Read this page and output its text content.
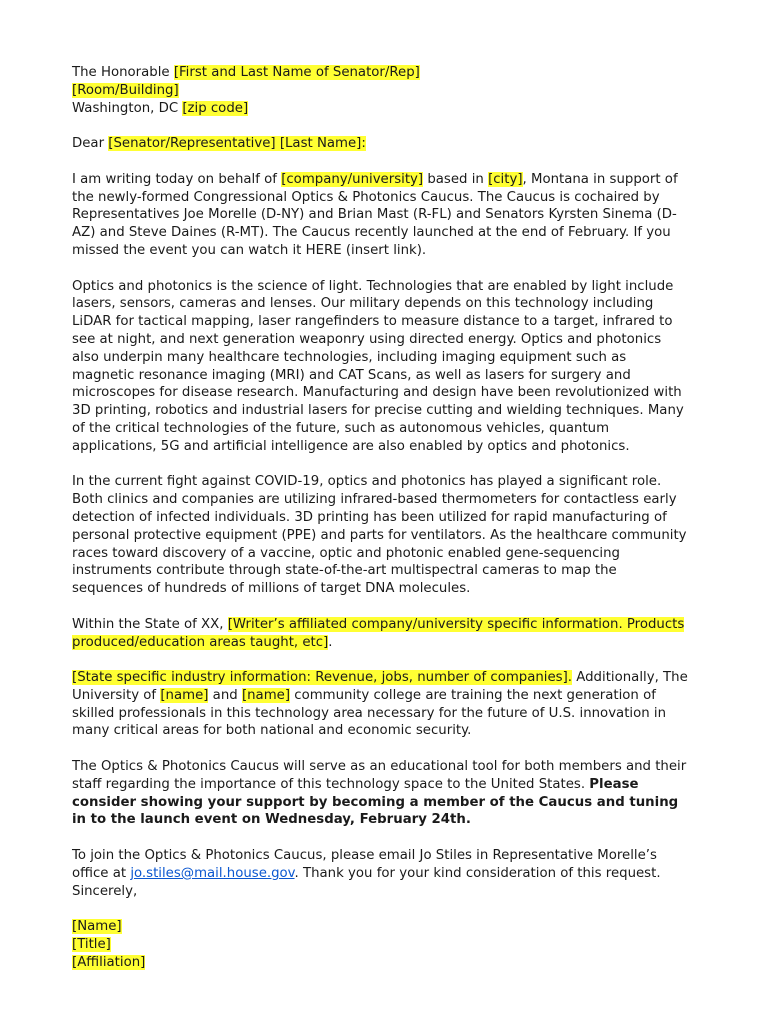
The Honorable [First and Last Name of Senator/Rep]
[Room/Building]
Washington, DC [zip code]
Dear [Senator/Representative] [Last Name]:
I am writing today on behalf of [company/university] based in [city], Montana in support of
the newly-formed Congressional Optics & Photonics Caucus. The Caucus is cochaired by
Representatives Joe Morelle (D-NY) and Brian Mast (R-FL) and Senators Kyrsten Sinema (D-
AZ) and Steve Daines (R-MT). The Caucus recently launched at the end of February. If you
missed the event you can watch it HERE (insert link).
Optics and photonics is the science of light. Technologies that are enabled by light include
lasers, sensors, cameras and lenses. Our military depends on this technology including
LiDAR for tactical mapping, laser rangefinders to measure distance to a target, infrared to
see at night, and next generation weaponry using directed energy. Optics and photonics
also underpin many healthcare technologies, including imaging equipment such as
magnetic resonance imaging (MRI) and CAT Scans, as well as lasers for surgery and
microscopes for disease research. Manufacturing and design have been revolutionized with
3D printing, robotics and industrial lasers for precise cutting and wielding techniques. Many
of the critical technologies of the future, such as autonomous vehicles, quantum
applications, 5G and artificial intelligence are also enabled by optics and photonics.
In the current fight against COVID-19, optics and photonics has played a significant role.
Both clinics and companies are utilizing infrared-based thermometers for contactless early
detection of infected individuals. 3D printing has been utilized for rapid manufacturing of
personal protective equipment (PPE) and parts for ventilators. As the healthcare community
races toward discovery of a vaccine, optic and photonic enabled gene-sequencing
instruments contribute through state-of-the-art multispectral cameras to map the
sequences of hundreds of millions of target DNA molecules.
Within the State of XX, [Writer’s affiliated company/university specific information. Products
produced/education areas taught, etc].
[State specific industry information: Revenue, jobs, number of companies]. Additionally, The
University of [name] and [name] community college are training the next generation of
skilled professionals in this technology area necessary for the future of U.S. innovation in
many critical areas for both national and economic security.
The Optics & Photonics Caucus will serve as an educational tool for both members and their
staff regarding the importance of this technology space to the United States. Please
consider showing your support by becoming a member of the Caucus and tuning
in to the launch event on Wednesday, February 24th.
To join the Optics & Photonics Caucus, please email Jo Stiles in Representative Morelle’s
office at jo.stiles@mail.house.gov. Thank you for your kind consideration of this request.
Sincerely,
[Name]
[Title]
[Affiliation]
